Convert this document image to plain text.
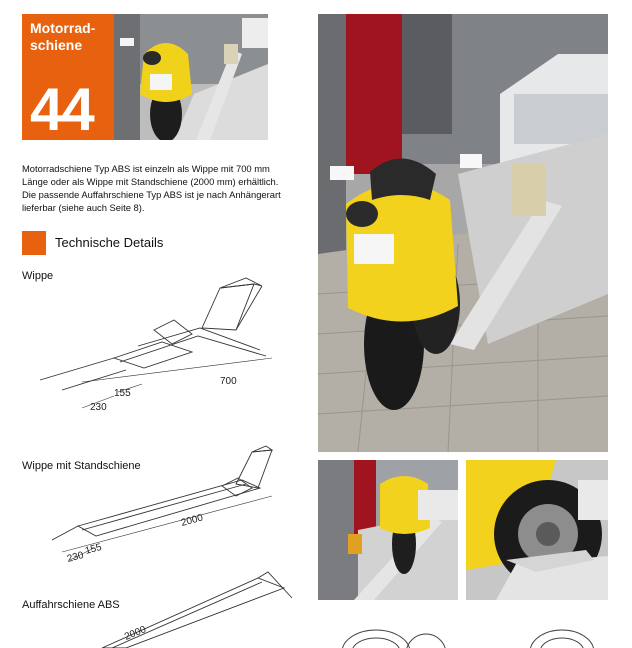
Motorrad-
schiene
44
Motorradschiene Typ ABS ist einzeln als Wippe mit 700 mm Länge oder als Wippe mit Standschiene (2000 mm) erhältlich. Die passende Auffahrschiene Typ ABS ist je nach Anhängerart lieferbar (siehe auch Seite 8).
Technische Details
Wippe
700
155
230
Wippe mit Standschiene
2000
155
230
Auffahrschiene ABS
2000
